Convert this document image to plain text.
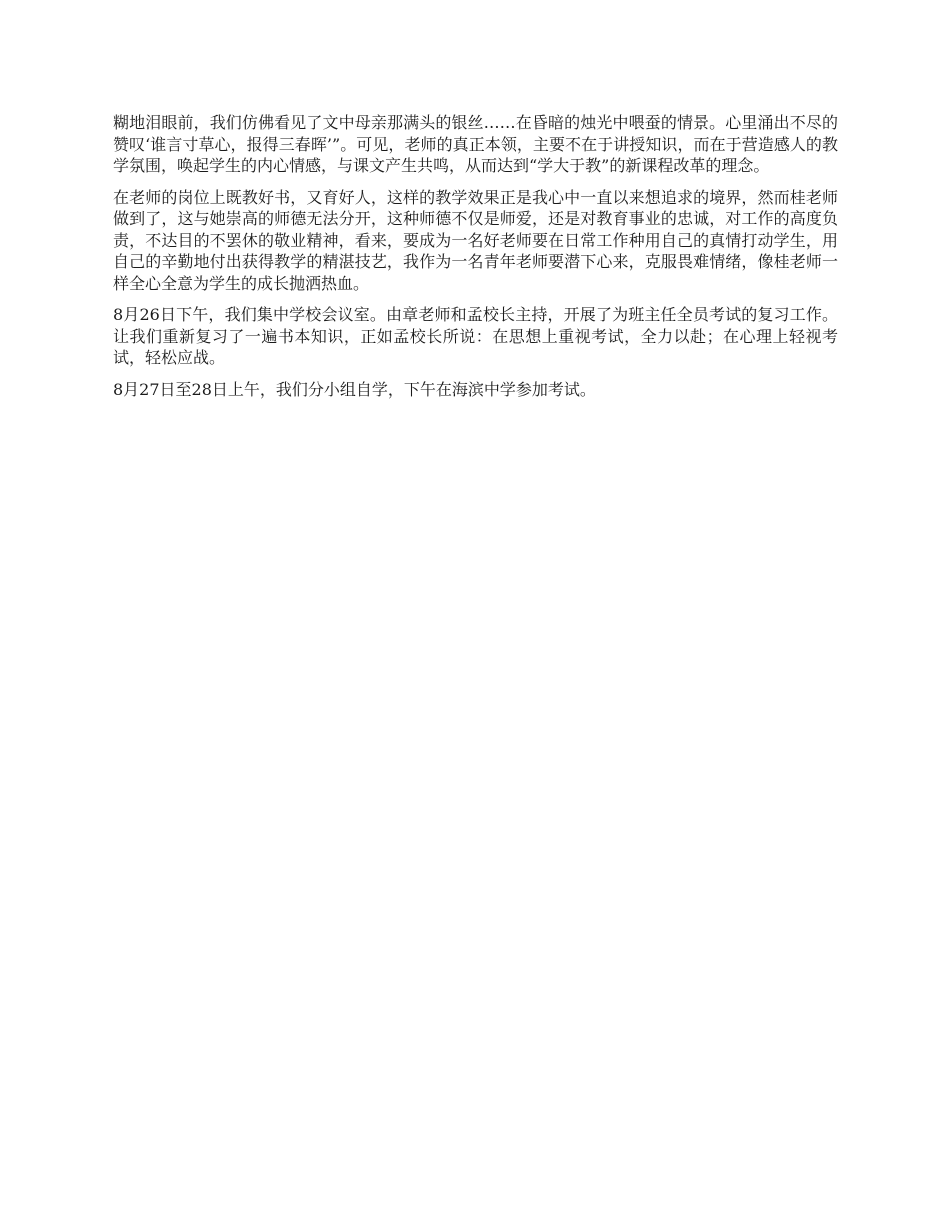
糊地泪眼前，我们仿佛看见了文中母亲那满头的银丝……在昏暗的烛光中喂蚕的情景。心里涌出不尽的赞叹‘谁言寸草心，报得三春晖’”。可见，老师的真正本领，主要不在于讲授知识，而在于营造感人的教学氛围，唤起学生的内心情感，与课文产生共鸣，从而达到“学大于教”的新课程改革的理念。

在老师的岗位上既教好书，又育好人，这样的教学效果正是我心中一直以来想追求的境界，然而桂老师做到了，这与她崇高的师德无法分开，这种师德不仅是师爱，还是对教育事业的忠诚，对工作的高度负责，不达目的不罢休的敬业精神，看来，要成为一名好老师要在日常工作种用自己的真情打动学生，用自己的辛勤地付出获得教学的精湛技艺，我作为一名青年老师要潜下心来，克服畏难情绪，像桂老师一样全心全意为学生的成长抛洒热血。

8月26日下午，我们集中学校会议室。由章老师和孟校长主持，开展了为班主任全员考试的复习工作。让我们重新复习了一遍书本知识，正如孟校长所说：在思想上重视考试，全力以赴；在心理上轻视考试，轻松应战。

8月27日至28日上午，我们分小组自学，下午在海滨中学参加考试。
